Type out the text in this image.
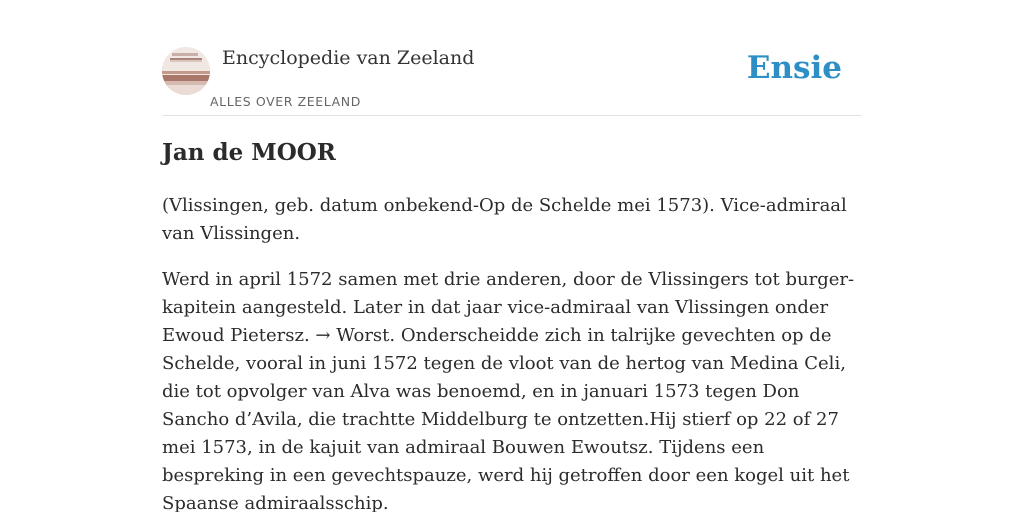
Encyclopedie van Zeeland
ALLES OVER ZEELAND
Ensie
Jan de MOOR

(Vlissingen, geb. datum onbekend-Op de Schelde mei 1573). Vice-admiraal van Vlissingen.

Werd in april 1572 samen met drie anderen, door de Vlissingers tot burger-kapitein aangesteld. Later in dat jaar vice-admiraal van Vlissingen onder Ewoud Pietersz. → Worst. Onderscheidde zich in talrijke gevechten op de Schelde, vooral in juni 1572 tegen de vloot van de hertog van Medina Celi, die tot opvolger van Alva was benoemd, en in januari 1573 tegen Don Sancho d’Avila, die trachtte Middelburg te ontzetten.Hij stierf op 22 of 27 mei 1573, in de kajuit van admiraal Bouwen Ewoutsz. Tijdens een bespreking in een gevechtspauze, werd hij getroffen door een kogel uit het Spaanse admiraalsschip.
